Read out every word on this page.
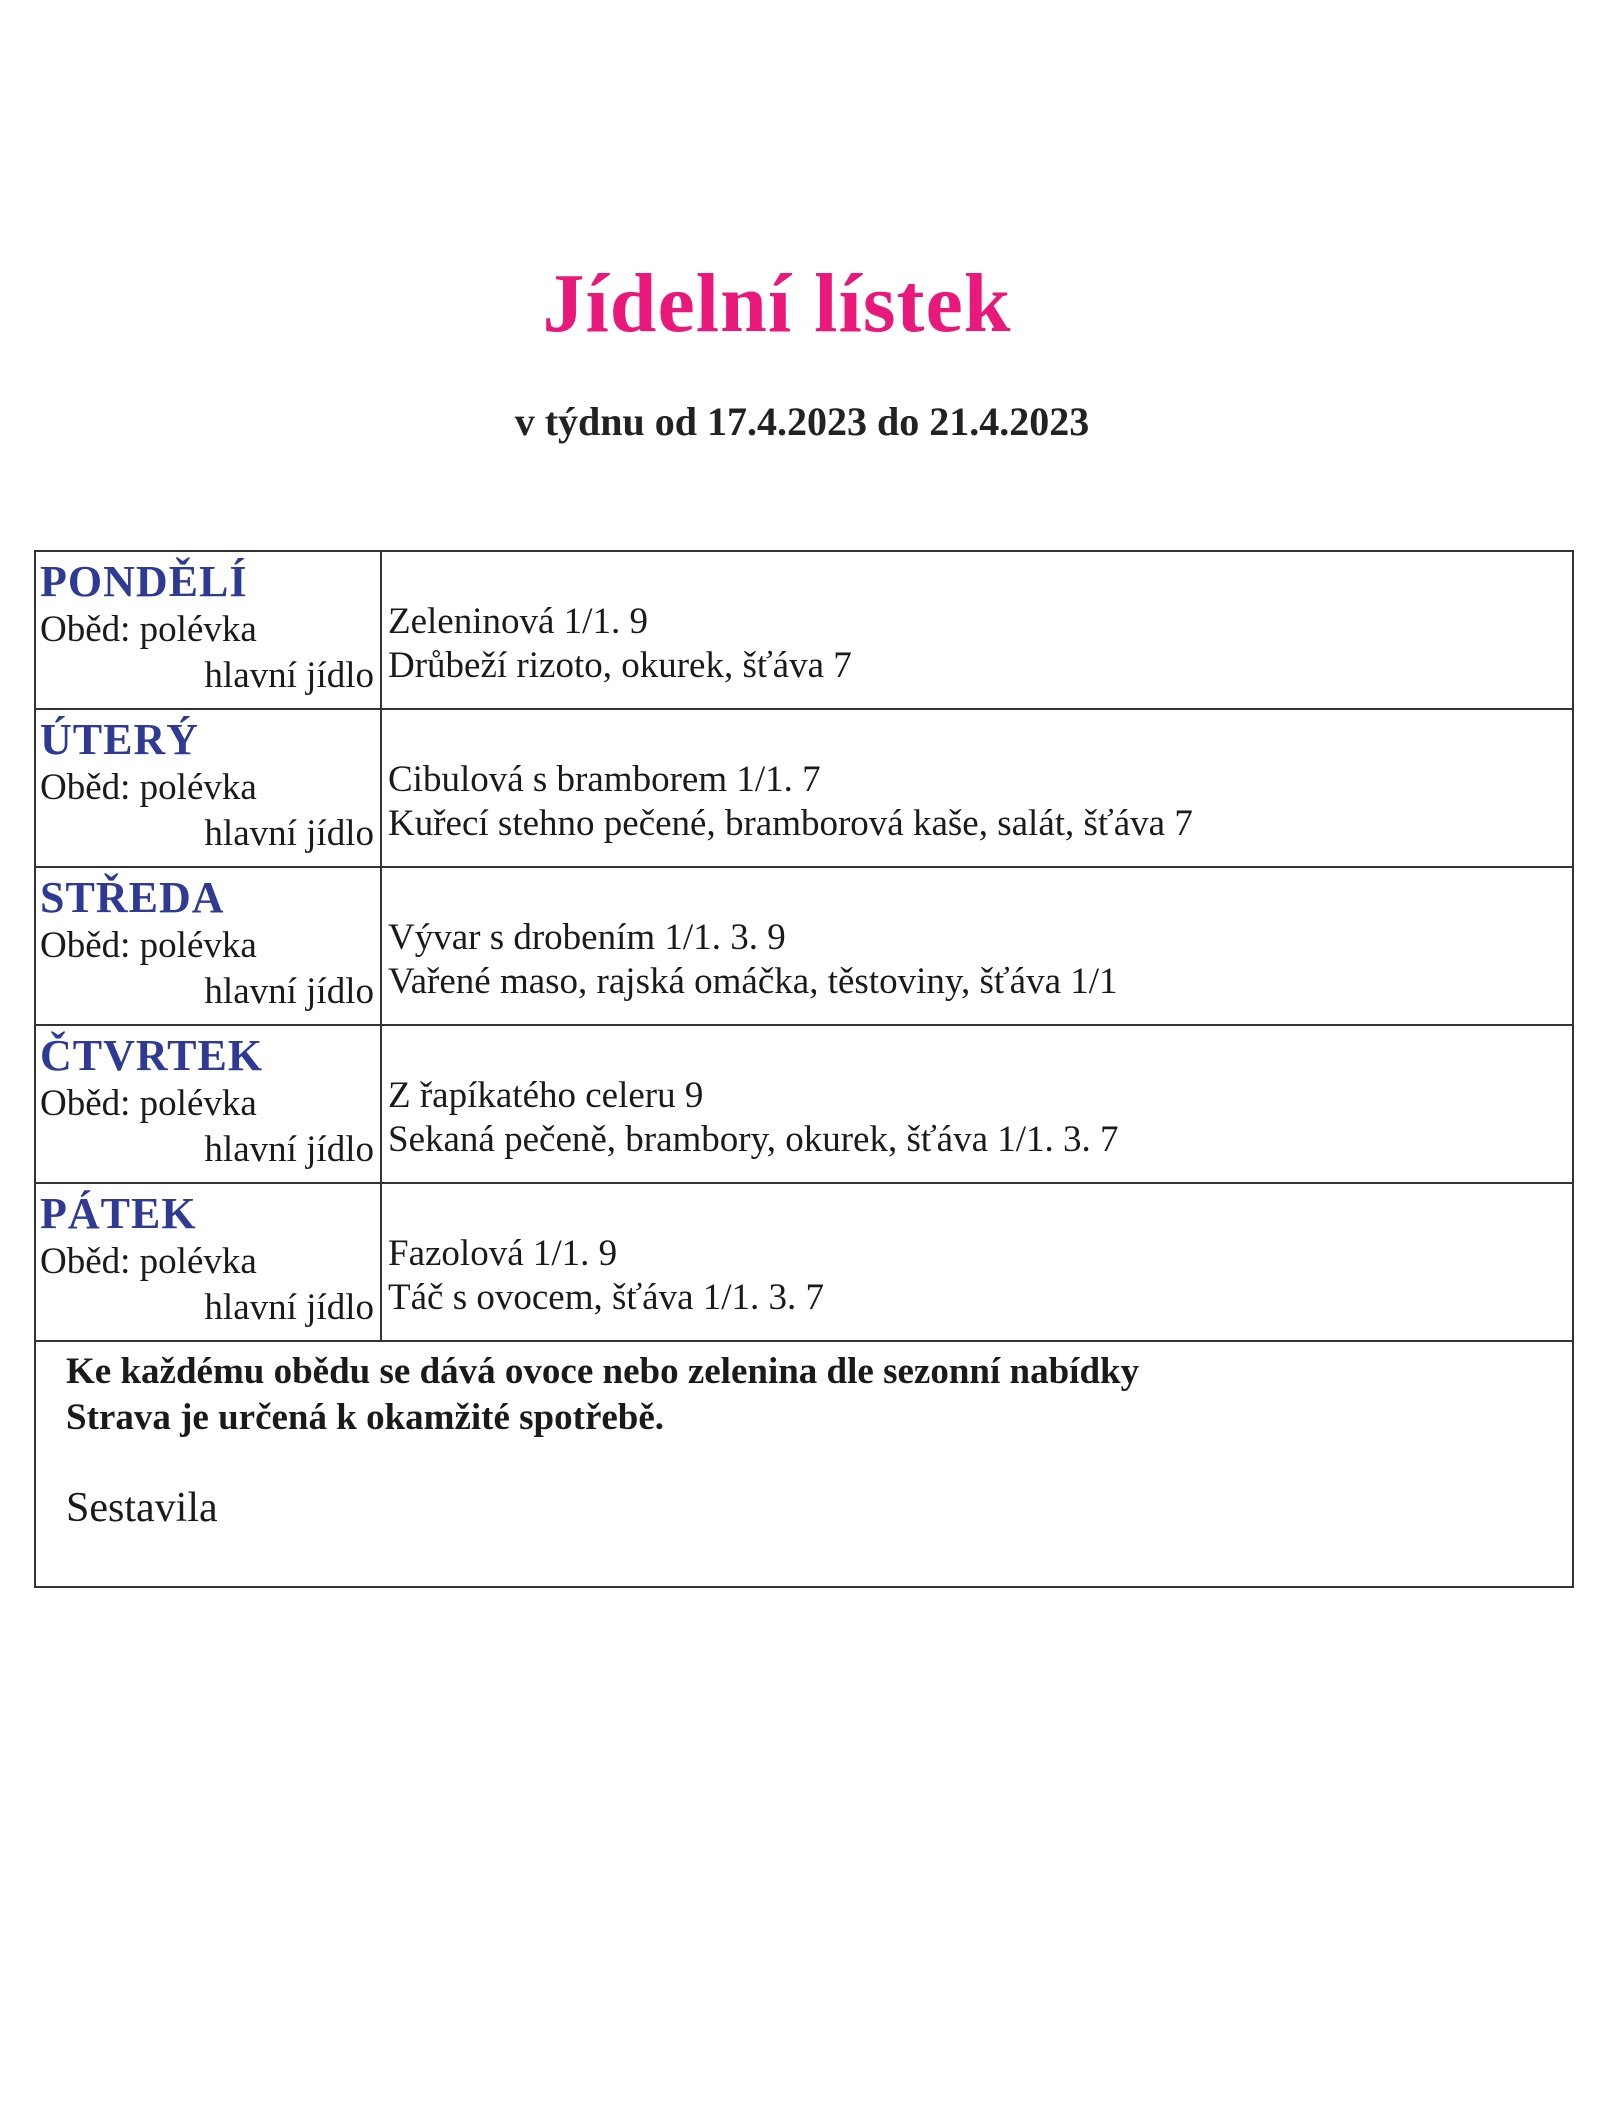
Jídelní lístek
v týdnu od 17.4.2023 do 21.4.2023
PONDĚLÍ
Oběd: polévka
hlavní jídlo
Zeleninová 1/1. 9
Drůbeží rizoto, okurek, šťáva 7
ÚTERÝ
Oběd: polévka
hlavní jídlo
Cibulová s bramborem 1/1. 7
Kuřecí stehno pečené, bramborová kaše, salát, šťáva 7
STŘEDA
Oběd: polévka
hlavní jídlo
Vývar s drobením 1/1. 3. 9
Vařené maso, rajská omáčka, těstoviny, šťáva 1/1
ČTVRTEK
Oběd: polévka
hlavní jídlo
Z řapíkatého celeru 9
Sekaná pečeně, brambory, okurek, šťáva 1/1. 3. 7
PÁTEK
Oběd: polévka
hlavní jídlo
Fazolová 1/1. 9
Táč s ovocem, šťáva 1/1. 3. 7
Ke každému obědu se dává ovoce nebo zelenina dle sezonní nabídky
Strava je určená k okamžité spotřebě.
Sestavila
